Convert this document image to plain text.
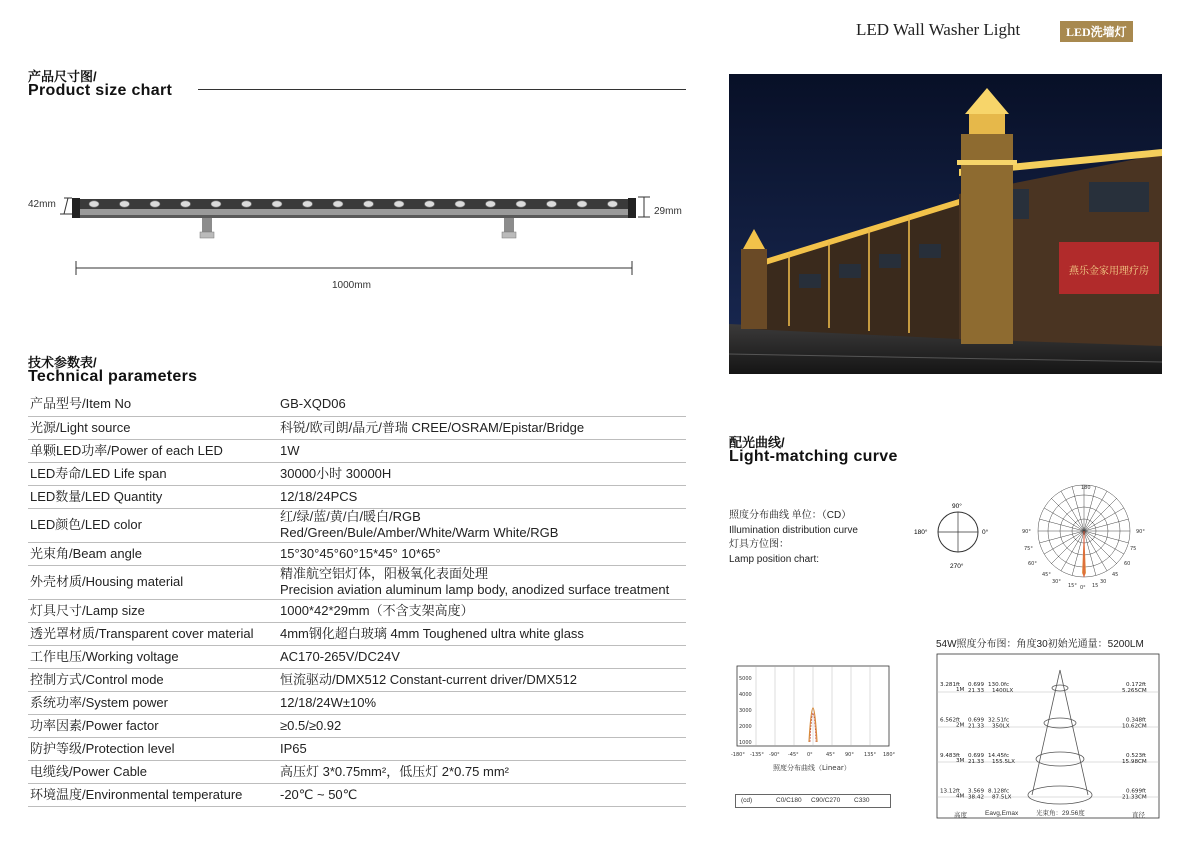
LED Wall Washer Light	LED洗墙灯
产品尺寸图/
Product size chart
42mm
29mm
1000mm
技术参数表/
Technical parameters
产品型号/Item No	GB-XQD06

光源/Light source	科锐/欧司朗/晶元/普瑞 CREE/OSRAM/Epistar/Bridge

单颗LED功率/Power of each LED	1W

LED寿命/LED Life span	30000小时 30000H

LED数量/LED Quantity	12/18/24PCS

LED颜色/LED color	红/绿/蓝/黄/白/暖白/RGB
Red/Green/Bule/Amber/White/Warm White/RGB

光束角/Beam angle	15°30°45°60°15*45° 10*65°

外壳材质/Housing material	精准航空铝灯体，阳极氧化表面处理
Precision aviation aluminum lamp body, anodized surface treatment

灯具尺寸/Lamp size	1000*42*29mm（不含支架高度）

透光罩材质/Transparent cover material	4mm钢化超白玻璃 4mm Toughened ultra white glass

工作电压/Working voltage	AC170-265V/DC24V

控制方式/Control mode	恒流驱动/DMX512 Constant-current driver/DMX512

系统功率/System power	12/18/24W±10%

功率因素/Power factor	≥0.5/≥0.92

防护等级/Protection level	IP65

电缆线/Power Cable	高压灯 3*0.75mm²，低压灯 2*0.75 mm²

环境温度/Environmental temperature	-20℃ ~ 50℃
燕乐金家用理疗房
配光曲线/
Light-matching curve
照度分布曲线 单位：（CD）
Illumination distribution curve
灯具方位图：
Lamp position chart:
90°
180°	0°
270°
180
90°
90°
75
75°
60
60°
45
45°
30
30°
15
15° 0°
5000
4000
3000
2000
1000
-180° -135° -90° -45° 0°	45° 90° 135° 180°
照度分布曲线（Linear）
(cd)	C0/C180 C90/C270 C330
54W照度分布图：角度30初始光通量：5200LM
3.281ft
1M
0.699 130.0fc
21.33 1400LX
0.172ft
5.265CM
6.562ft
2M
0.699 32.51fc
21.33 350LX
0.348ft
10.62CM
9.483ft
3M
0.699 14.45fc
21.33 155.5LX
0.523ft
15.98CM
13.12ft
4M
3.569 8.128fc
38.42 87.5LX
0.699ft
21.33CM
高度	Eavg,Emax	光束角：29.56度	直径
